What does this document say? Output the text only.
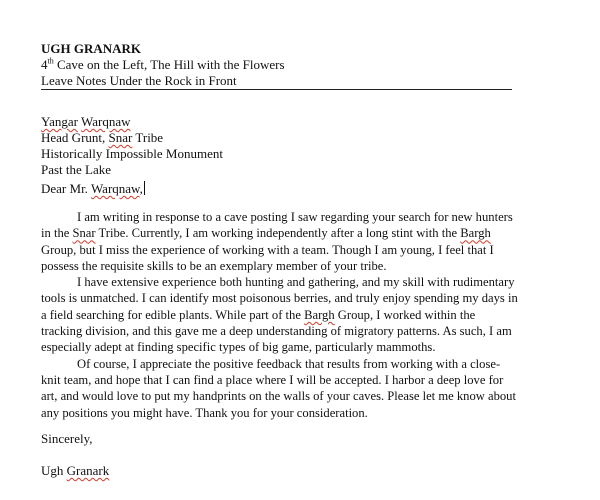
UGH GRANARK

4th Cave on the Left, The Hill with the Flowers

Leave Notes Under the Rock in Front

Yangar Warqnaw

Head Grunt, Snar Tribe

Historically Impossible Monument

Past the Lake

Dear Mr. Warqnaw,

I am writing in response to a cave posting I saw regarding your search for new hunters in the Snar Tribe. Currently, I am working independently after a long stint with the Bargh Group, but I miss the experience of working with a team. Though I am young, I feel that I possess the requisite skills to be an exemplary member of your tribe.

I have extensive experience both hunting and gathering, and my skill with rudimentary tools is unmatched. I can identify most poisonous berries, and truly enjoy spending my days in a field searching for edible plants. While part of the Bargh Group, I worked within the tracking division, and this gave me a deep understanding of migratory patterns. As such, I am especially adept at finding specific types of big game, particularly mammoths.

Of course, I appreciate the positive feedback that results from working with a close-knit team, and hope that I can find a place where I will be accepted. I harbor a deep love for art, and would love to put my handprints on the walls of your caves. Please let me know about any positions you might have. Thank you for your consideration.

Sincerely,

Ugh Granark
